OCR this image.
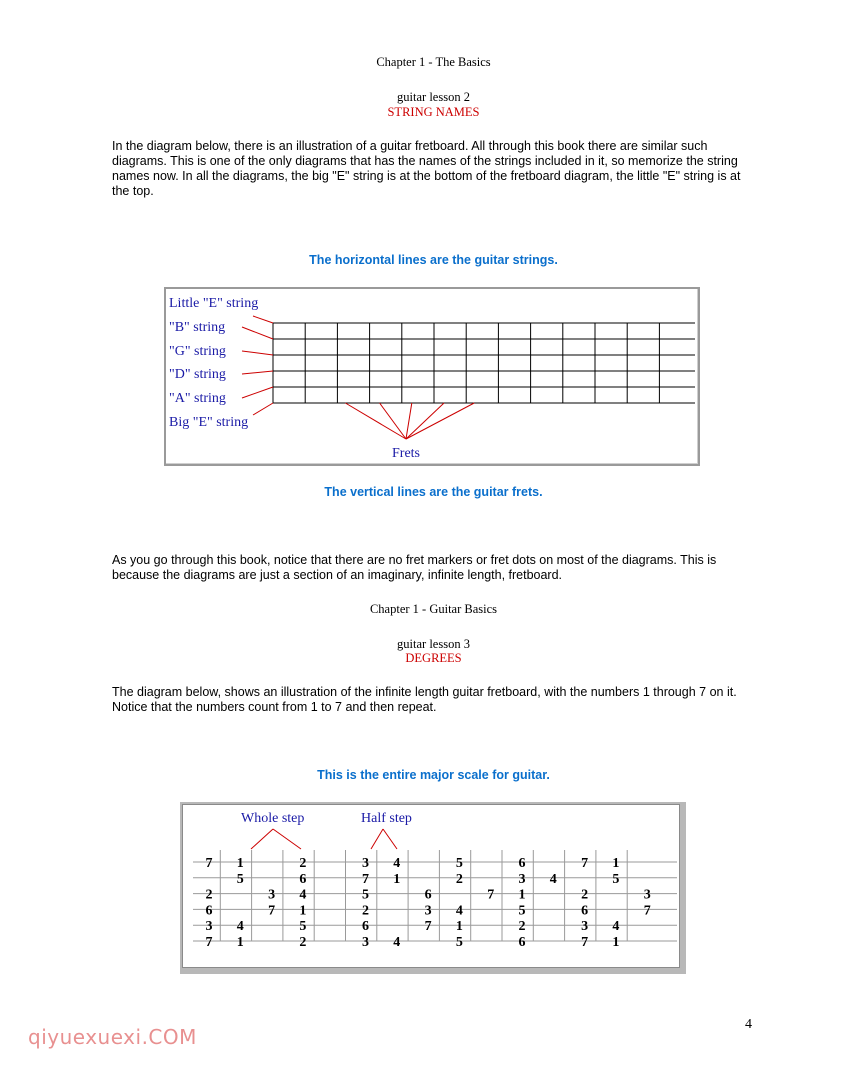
Chapter 1 - The Basics
guitar lesson 2
STRING NAMES
In the diagram below, there is an illustration of a guitar fretboard. All through this book there are similar such diagrams. This is one of the only diagrams that has the names of the strings included in it, so memorize the string names now. In all the diagrams, the big "E" string is at the bottom of the fretboard diagram, the little "E" string is at the top.
The horizontal lines are the guitar strings.
Little "E" string
"B" string
"G" string
"D" string
"A" string
Big "E" string
Frets
The vertical lines are the guitar frets.
As you go through this book, notice that there are no fret markers or fret dots on most of the diagrams. This is because the diagrams are just a section of an imaginary, infinite length, fretboard.
Chapter 1 - Guitar Basics
guitar lesson 3
DEGREES
The diagram below, shows an illustration of the infinite length guitar fretboard, with the numbers 1 through 7 on it. Notice that the numbers count from 1 to 7 and then repeat.
This is the entire major scale for guitar.
Whole step	Half step
7 1	2	3 4	5	6	7 1
5	6	7 1	2	3 4	5
2	3 4	5	6	7 1	2	3
6	7 1	2	3 4	5	6	7
3 4	5	6	7 1	2	3 4
7 1	2	3 4	5	6	7 1
4
qiyuexuexi.COM
